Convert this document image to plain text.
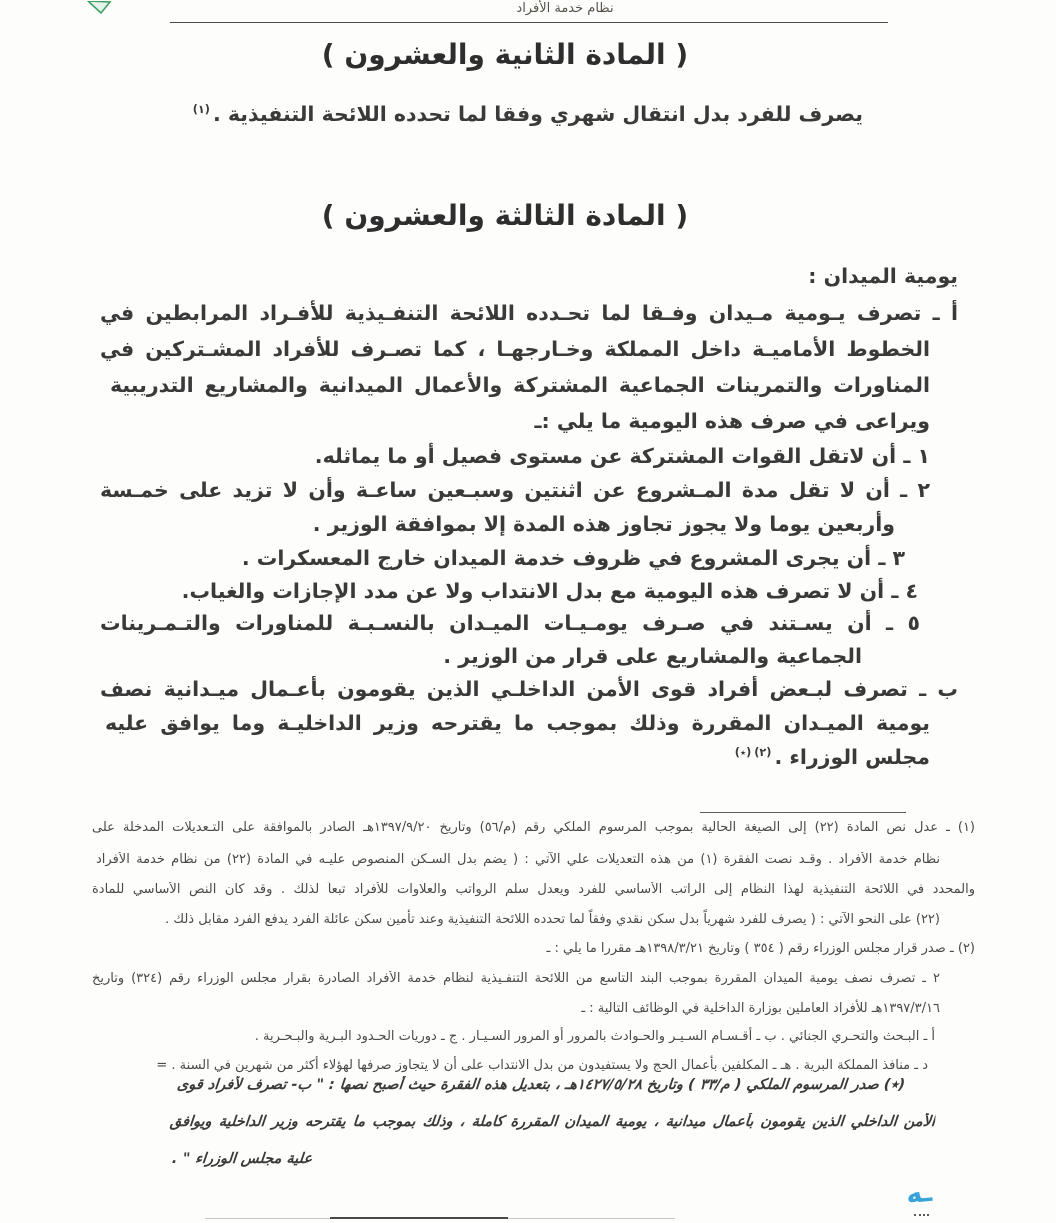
نظام خدمة الأفراد
( المادة الثانية والعشرون )
يصرف للفرد بدل انتقال شهري وفقا لما تحدده اللائحة التنفيذية .$^{(١)}$
( المادة الثالثة والعشرون )
يومية الميدان :
أ ـ تصرف يـومية مـيدان وفـقا لما تحـدده اللائحة التنفـيذية للأفـراد المرابطين في
الخطوط الأماميـة داخل المملكة وخـارجهـا ، كما تصـرف للأفراد المشـتركين في
المناورات والتمرينات الجماعية المشتركة والأعمال الميدانية والمشاريع التدريبية
ويراعى في صرف هذه اليومية ما يلي :ـ
١ ـ أن لاتقل القوات المشتركة عن مستوى فصيل أو ما يماثله.
٢ ـ أن لا تقل مدة المـشروع عن اثنتين وسبـعين ساعـة وأن لا تزيد على خمـسة
وأربعين يوما ولا يجوز تجاوز هذه المدة إلا بموافقة الوزير .
٣ ـ أن يجرى المشروع في ظروف خدمة الميدان خارج المعسكرات .
٤ ـ أن لا تصرف هذه اليومية مع بدل الانتداب ولا عن مدد الإجازات والغياب.
٥ ـ أن يسـتند في صـرف يومـيـات الميـدان بالنسـبـة للمناورات والتـمـرينات
الجماعية والمشاريع على قرار من الوزير .
ب ـ تصرف لبـعض أفراد قوى الأمن الداخلـي الذين يقومون بأعـمال ميـدانية نصف
يومية الميـدان المقررة وذلك بموجب ما يقترحه وزير الداخليـة وما يوافق عليه
مجلس الوزراء .$^{(٢)(٭)}$
(١) ـ عدل نص المادة (٢٢) إلى الصيغة الحالية بموجب المرسوم الملكي رقم (م/٥٦) وتاريخ ١٣٩٧/٩/٢٠هـ الصادر بالموافقة على التـعديلات المدخلة على
نظام خدمة الأفراد . وقـد نصت الفقرة (١) من هذه التعديلات علي الآتي : ( يضم بدل السـكن المنصوص عليـه في المادة (٢٢) من نظام خدمة الأفراد
والمحدد في اللائحة التنفيذية لهذا النظام إلى الراتب الأساسي للفرد ويعدل سلم الرواتب والعلاوات للأفراد تبعاً لذلك . وقد كان النص الأساسي للمادة
(٢٢) على النحو الآتي : ( يصرف للفرد شهرياً بدل سكن نقدي وفقاً لما تحدده اللائحة التنفيذية وعند تأمين سكن عائلة الفرد يدفع الفرد مقابل ذلك .
(٢) ـ صدر قرار مجلس الوزراء رقم ( ٣٥٤ ) وتاريخ ١٣٩٨/٣/٢١هـ مقررا ما يلي : ـ
٢ ـ تصرف نصف يومية الميدان المقررة بموجب البند التاسع من اللائحة التنفـيذية لنظام خدمة الأفراد الصادرة بقرار مجلس الوزراء رقم (٣٢٤) وتاريخ
١٣٩٧/٣/١٦هـ للأفراد العاملين بوزارة الداخلية في الوظائف التالية : ـ
أ ـ البـحث والتحـري الجنائي . ب ـ أقـسـام السـيـر والحـوادث بالمرور أو المرور السـيـار . ج ـ دوريات الحـدود البـرية والبـحـرية .
د ـ منافذ المملكة البرية . هـ ـ المكلفين بأعمال الحج ولا يستفيدون من بدل الانتداب على أن لا يتجاوز صرفها لهؤلاء أكثر من شهرين في السنة . =
(٭) صدر المرسوم الملكي ( م/٣٣ ) وتاريخ ١٤٢٧/٥/٢٨هـ ، بتعديل هذه الفقرة حيث أصبح نصها : " ب- تصرف لأفراد قوى
الأمن الداخلي الذين يقومون بأعمال ميدانية ، يومية الميدان المقررة كاملة ، وذلك بموجب ما يقترحه وزير الداخلية ويوافق
علية مجلس الوزراء " .
ـه
